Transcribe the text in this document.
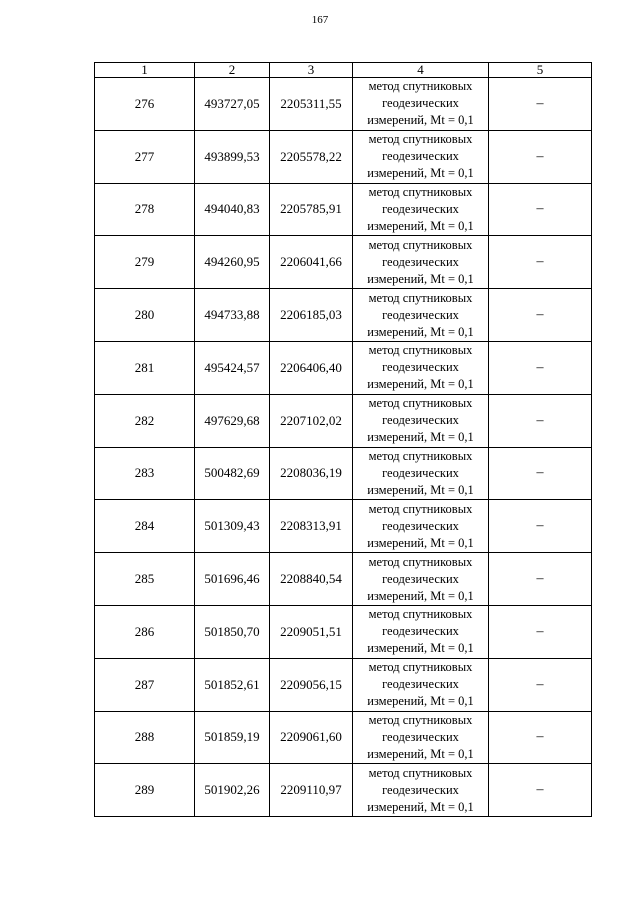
167
1	2	3	4	5
276	493727,05	2205311,55	метод спутниковых
геодезических
измерений, Mt = 0,1	–
277	493899,53	2205578,22	метод спутниковых
геодезических
измерений, Mt = 0,1	–
278	494040,83	2205785,91	метод спутниковых
геодезических
измерений, Mt = 0,1	–
279	494260,95	2206041,66	метод спутниковых
геодезических
измерений, Mt = 0,1	–
280	494733,88	2206185,03	метод спутниковых
геодезических
измерений, Mt = 0,1	–
281	495424,57	2206406,40	метод спутниковых
геодезических
измерений, Mt = 0,1	–
282	497629,68	2207102,02	метод спутниковых
геодезических
измерений, Mt = 0,1	–
283	500482,69	2208036,19	метод спутниковых
геодезических
измерений, Mt = 0,1	–
284	501309,43	2208313,91	метод спутниковых
геодезических
измерений, Mt = 0,1	–
285	501696,46	2208840,54	метод спутниковых
геодезических
измерений, Mt = 0,1	–
286	501850,70	2209051,51	метод спутниковых
геодезических
измерений, Mt = 0,1	–
287	501852,61	2209056,15	метод спутниковых
геодезических
измерений, Mt = 0,1	–
288	501859,19	2209061,60	метод спутниковых
геодезических
измерений, Mt = 0,1	–
289	501902,26	2209110,97	метод спутниковых
геодезических
измерений, Mt = 0,1	–
